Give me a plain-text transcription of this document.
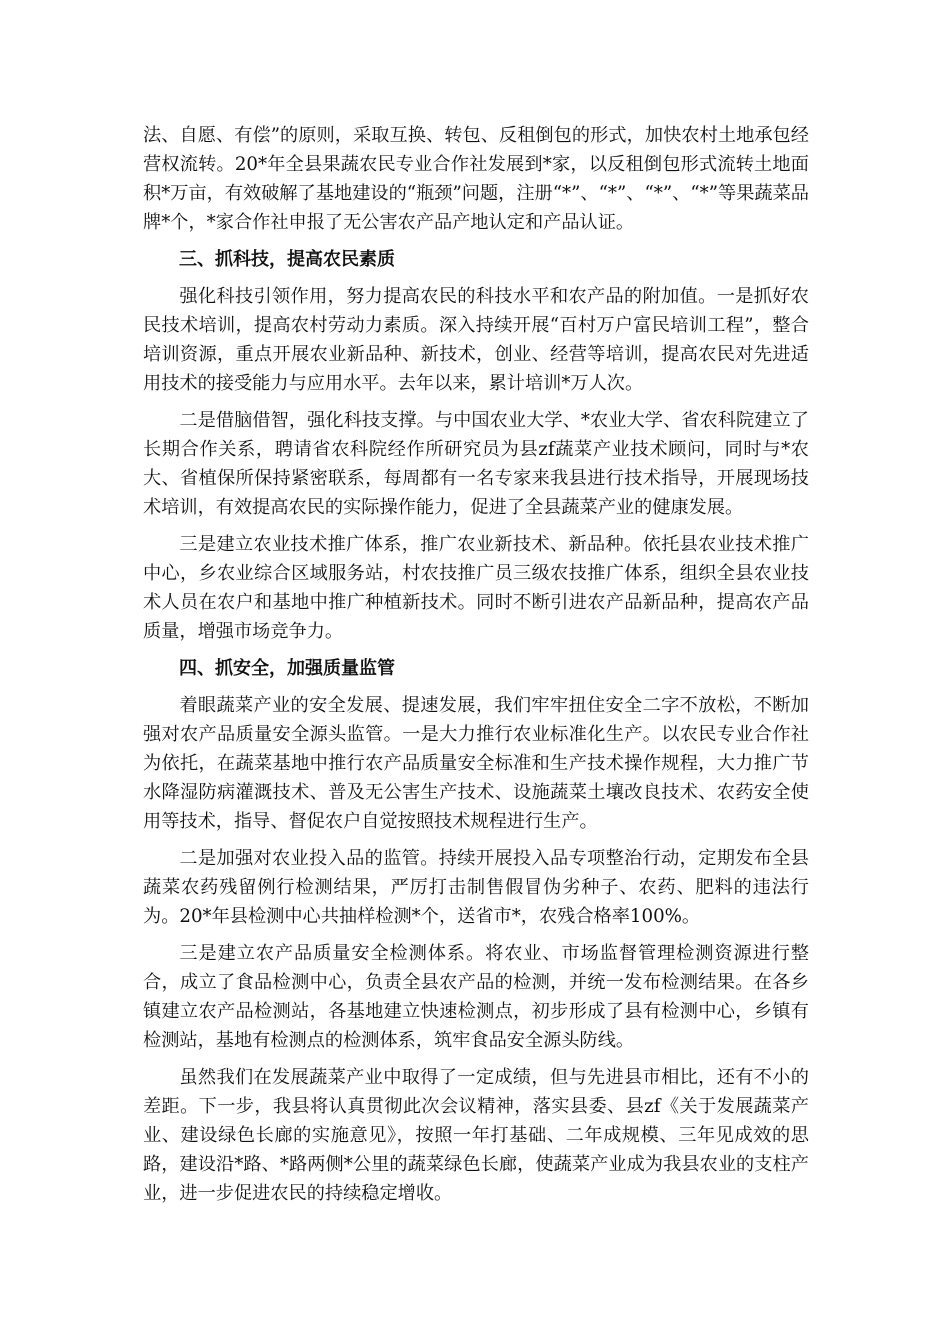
法、自愿、有偿”的原则，采取互换、转包、反租倒包的形式，加快农村土地承包经营权流转。20*年全县果蔬农民专业合作社发展到*家，以反租倒包形式流转土地面积*万亩，有效破解了基地建设的“瓶颈”问题，注册“*”、“*”、“*”、“*”等果蔬菜品牌*个，*家合作社申报了无公害农产品产地认定和产品认证。

三、抓科技，提高农民素质

强化科技引领作用，努力提高农民的科技水平和农产品的附加值。一是抓好农民技术培训，提高农村劳动力素质。深入持续开展“百村万户富民培训工程”，整合培训资源，重点开展农业新品种、新技术，创业、经营等培训，提高农民对先进适用技术的接受能力与应用水平。去年以来，累计培训*万人次。

二是借脑借智，强化科技支撑。与中国农业大学、*农业大学、省农科院建立了长期合作关系，聘请省农科院经作所研究员为县zf蔬菜产业技术顾问，同时与*农大、省植保所保持紧密联系，每周都有一名专家来我县进行技术指导，开展现场技术培训，有效提高农民的实际操作能力，促进了全县蔬菜产业的健康发展。

三是建立农业技术推广体系，推广农业新技术、新品种。依托县农业技术推广中心，乡农业综合区域服务站，村农技推广员三级农技推广体系，组织全县农业技术人员在农户和基地中推广种植新技术。同时不断引进农产品新品种，提高农产品质量，增强市场竞争力。

四、抓安全，加强质量监管

着眼蔬菜产业的安全发展、提速发展，我们牢牢扭住安全二字不放松，不断加强对农产品质量安全源头监管。一是大力推行农业标准化生产。以农民专业合作社为依托，在蔬菜基地中推行农产品质量安全标准和生产技术操作规程，大力推广节水降湿防病灌溉技术、普及无公害生产技术、设施蔬菜土壤改良技术、农药安全使用等技术，指导、督促农户自觉按照技术规程进行生产。

二是加强对农业投入品的监管。持续开展投入品专项整治行动，定期发布全县蔬菜农药残留例行检测结果，严厉打击制售假冒伪劣种子、农药、肥料的违法行为。20*年县检测中心共抽样检测*个，送省市*，农残合格率100%。

三是建立农产品质量安全检测体系。将农业、市场监督管理检测资源进行整合，成立了食品检测中心，负责全县农产品的检测，并统一发布检测结果。在各乡镇建立农产品检测站，各基地建立快速检测点，初步形成了县有检测中心，乡镇有检测站，基地有检测点的检测体系，筑牢食品安全源头防线。

虽然我们在发展蔬菜产业中取得了一定成绩，但与先进县市相比，还有不小的差距。下一步，我县将认真贯彻此次会议精神，落实县委、县zf《关于发展蔬菜产业、建设绿色长廊的实施意见》，按照一年打基础、二年成规模、三年见成效的思路，建设沿*路、*路两侧*公里的蔬菜绿色长廊，使蔬菜产业成为我县农业的支柱产业，进一步促进农民的持续稳定增收。
